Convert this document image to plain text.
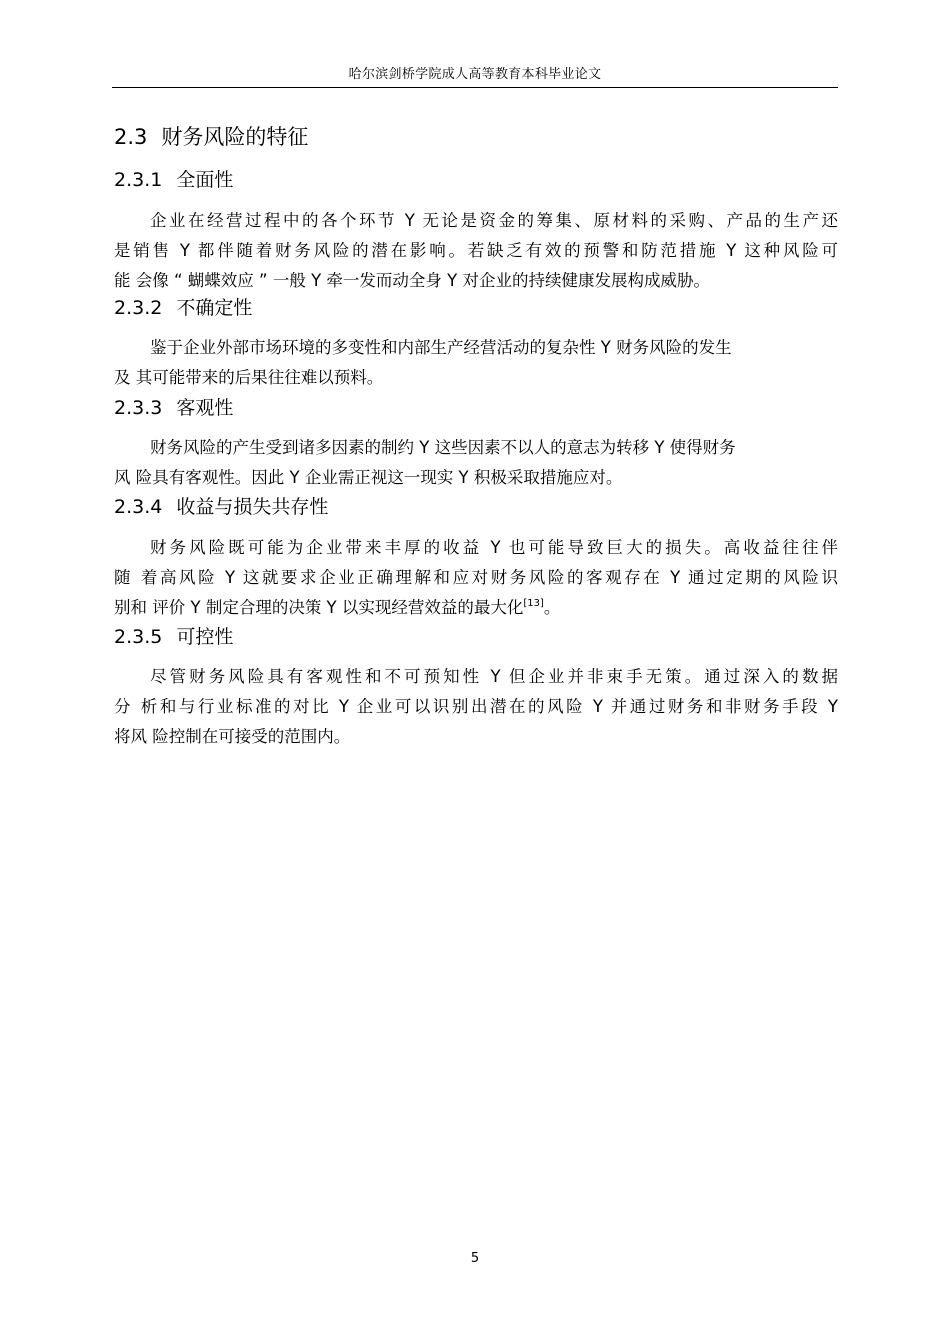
哈尔滨剑桥学院成人高等教育本科毕业论文
2.3 财务风险的特征
2.3.1 全面性
企业在经营过程中的各个环节 Y 无论是资金的筹集、原材料的采购、产品的生产还
是销售 Y 都伴随着财务风险的潜在影响。若缺乏有效的预警和防范措施 Y 这种风险可
能 会像 “ 蝴蝶效应 ” 一般 Y 牵一发而动全身 Y 对企业的持续健康发展构成威胁。
2.3.2 不确定性
鉴于企业外部市场环境的多变性和内部生产经营活动的复杂性 Y 财务风险的发生
及 其可能带来的后果往往难以预料。
2.3.3 客观性
财务风险的产生受到诸多因素的制约 Y 这些因素不以人的意志为转移 Y 使得财务
风 险具有客观性。因此 Y 企业需正视这一现实 Y 积极采取措施应对。
2.3.4 收益与损失共存性
财务风险既可能为企业带来丰厚的收益 Y 也可能导致巨大的损失。高收益往往伴
随 着高风险 Y 这就要求企业正确理解和应对财务风险的客观存在 Y 通过定期的风险识
别和 评价 Y 制定合理的决策 Y 以实现经营效益的最大化[13]。
2.3.5 可控性
尽管财务风险具有客观性和不可预知性 Y 但企业并非束手无策。通过深入的数据
分 析和与行业标准的对比 Y 企业可以识别出潜在的风险 Y 并通过财务和非财务手段 Y
将风 险控制在可接受的范围内。
5
